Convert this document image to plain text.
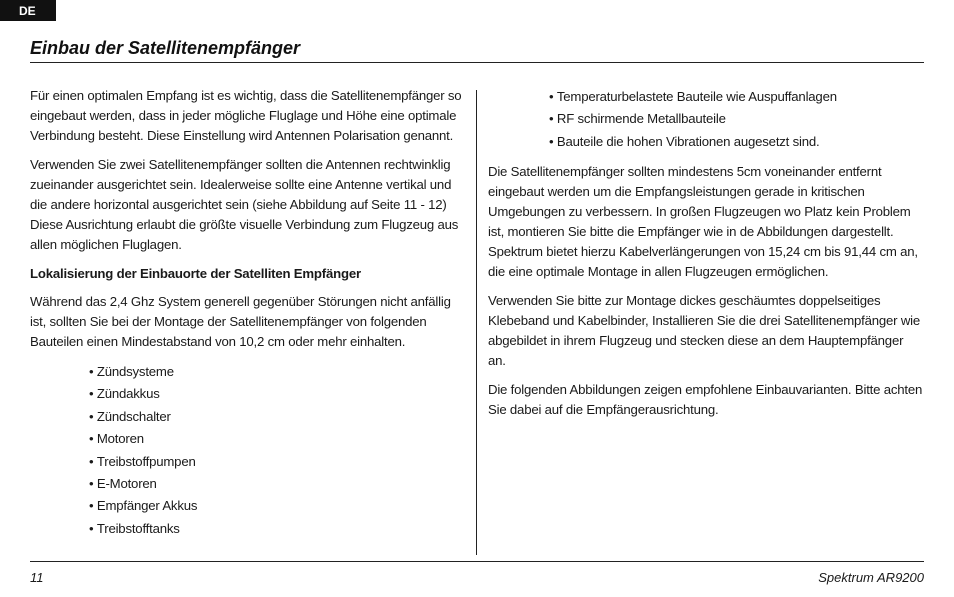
DE
Einbau der Satellitenempfänger

Für einen optimalen Empfang ist es wichtig, dass die Satellitenempfänger so eingebaut werden, dass in jeder mögliche Fluglage und Höhe eine optimale Verbindung besteht. Diese Einstellung wird Antennen Polarisation genannt.

Verwenden Sie zwei Satellitenempfänger sollten die Antennen rechtwinklig zueinander ausgerichtet sein. Idealerweise sollte eine Antenne vertikal und die andere horizontal ausgerichtet sein (siehe Abbildung auf Seite 11 - 12) Diese Ausrichtung erlaubt die größte visuelle Verbindung zum Flugzeug aus allen möglichen Fluglagen.

Lokalisierung der Einbauorte der Satelliten Empfänger

Während das 2,4 Ghz System generell gegenüber Störungen nicht anfällig ist, sollten Sie bei der Montage der Satellitenempfänger von folgenden Bauteilen einen Mindestabstand von 10,2 cm oder mehr einhalten.

• Zündsysteme
• Zündakkus
• Zündschalter
• Motoren
• Treibstoffpumpen
• E-Motoren
• Empfänger Akkus
• Treibstofftanks
• Temperaturbelastete Bauteile wie Auspuffanlagen
• RF schirmende Metallbauteile
• Bauteile die hohen Vibrationen augesetzt sind.

Die Satellitenempfänger sollten mindestens 5cm voneinander entfernt eingebaut werden um die Empfangsleistungen gerade in kritischen Umgebungen zu verbessern. In großen Flugzeugen wo Platz kein Problem ist, montieren Sie bitte die Empfänger wie in de Abbildungen dargestellt. Spektrum bietet hierzu Kabelverlängerungen von 15,24 cm bis 91,44 cm an, die eine optimale Montage in allen Flugzeugen ermöglichen.

Verwenden Sie bitte zur Montage dickes geschäumtes doppelseitiges Klebeband und Kabelbinder, Installieren Sie die drei Satellitenempfänger wie abgebildet in ihrem Flugzeug und stecken diese an dem Hauptempfänger an.

Die folgenden Abbildungen zeigen empfohlene Einbauvarianten. Bitte achten Sie dabei auf die Empfängerausrichtung.

11	Spektrum AR9200
